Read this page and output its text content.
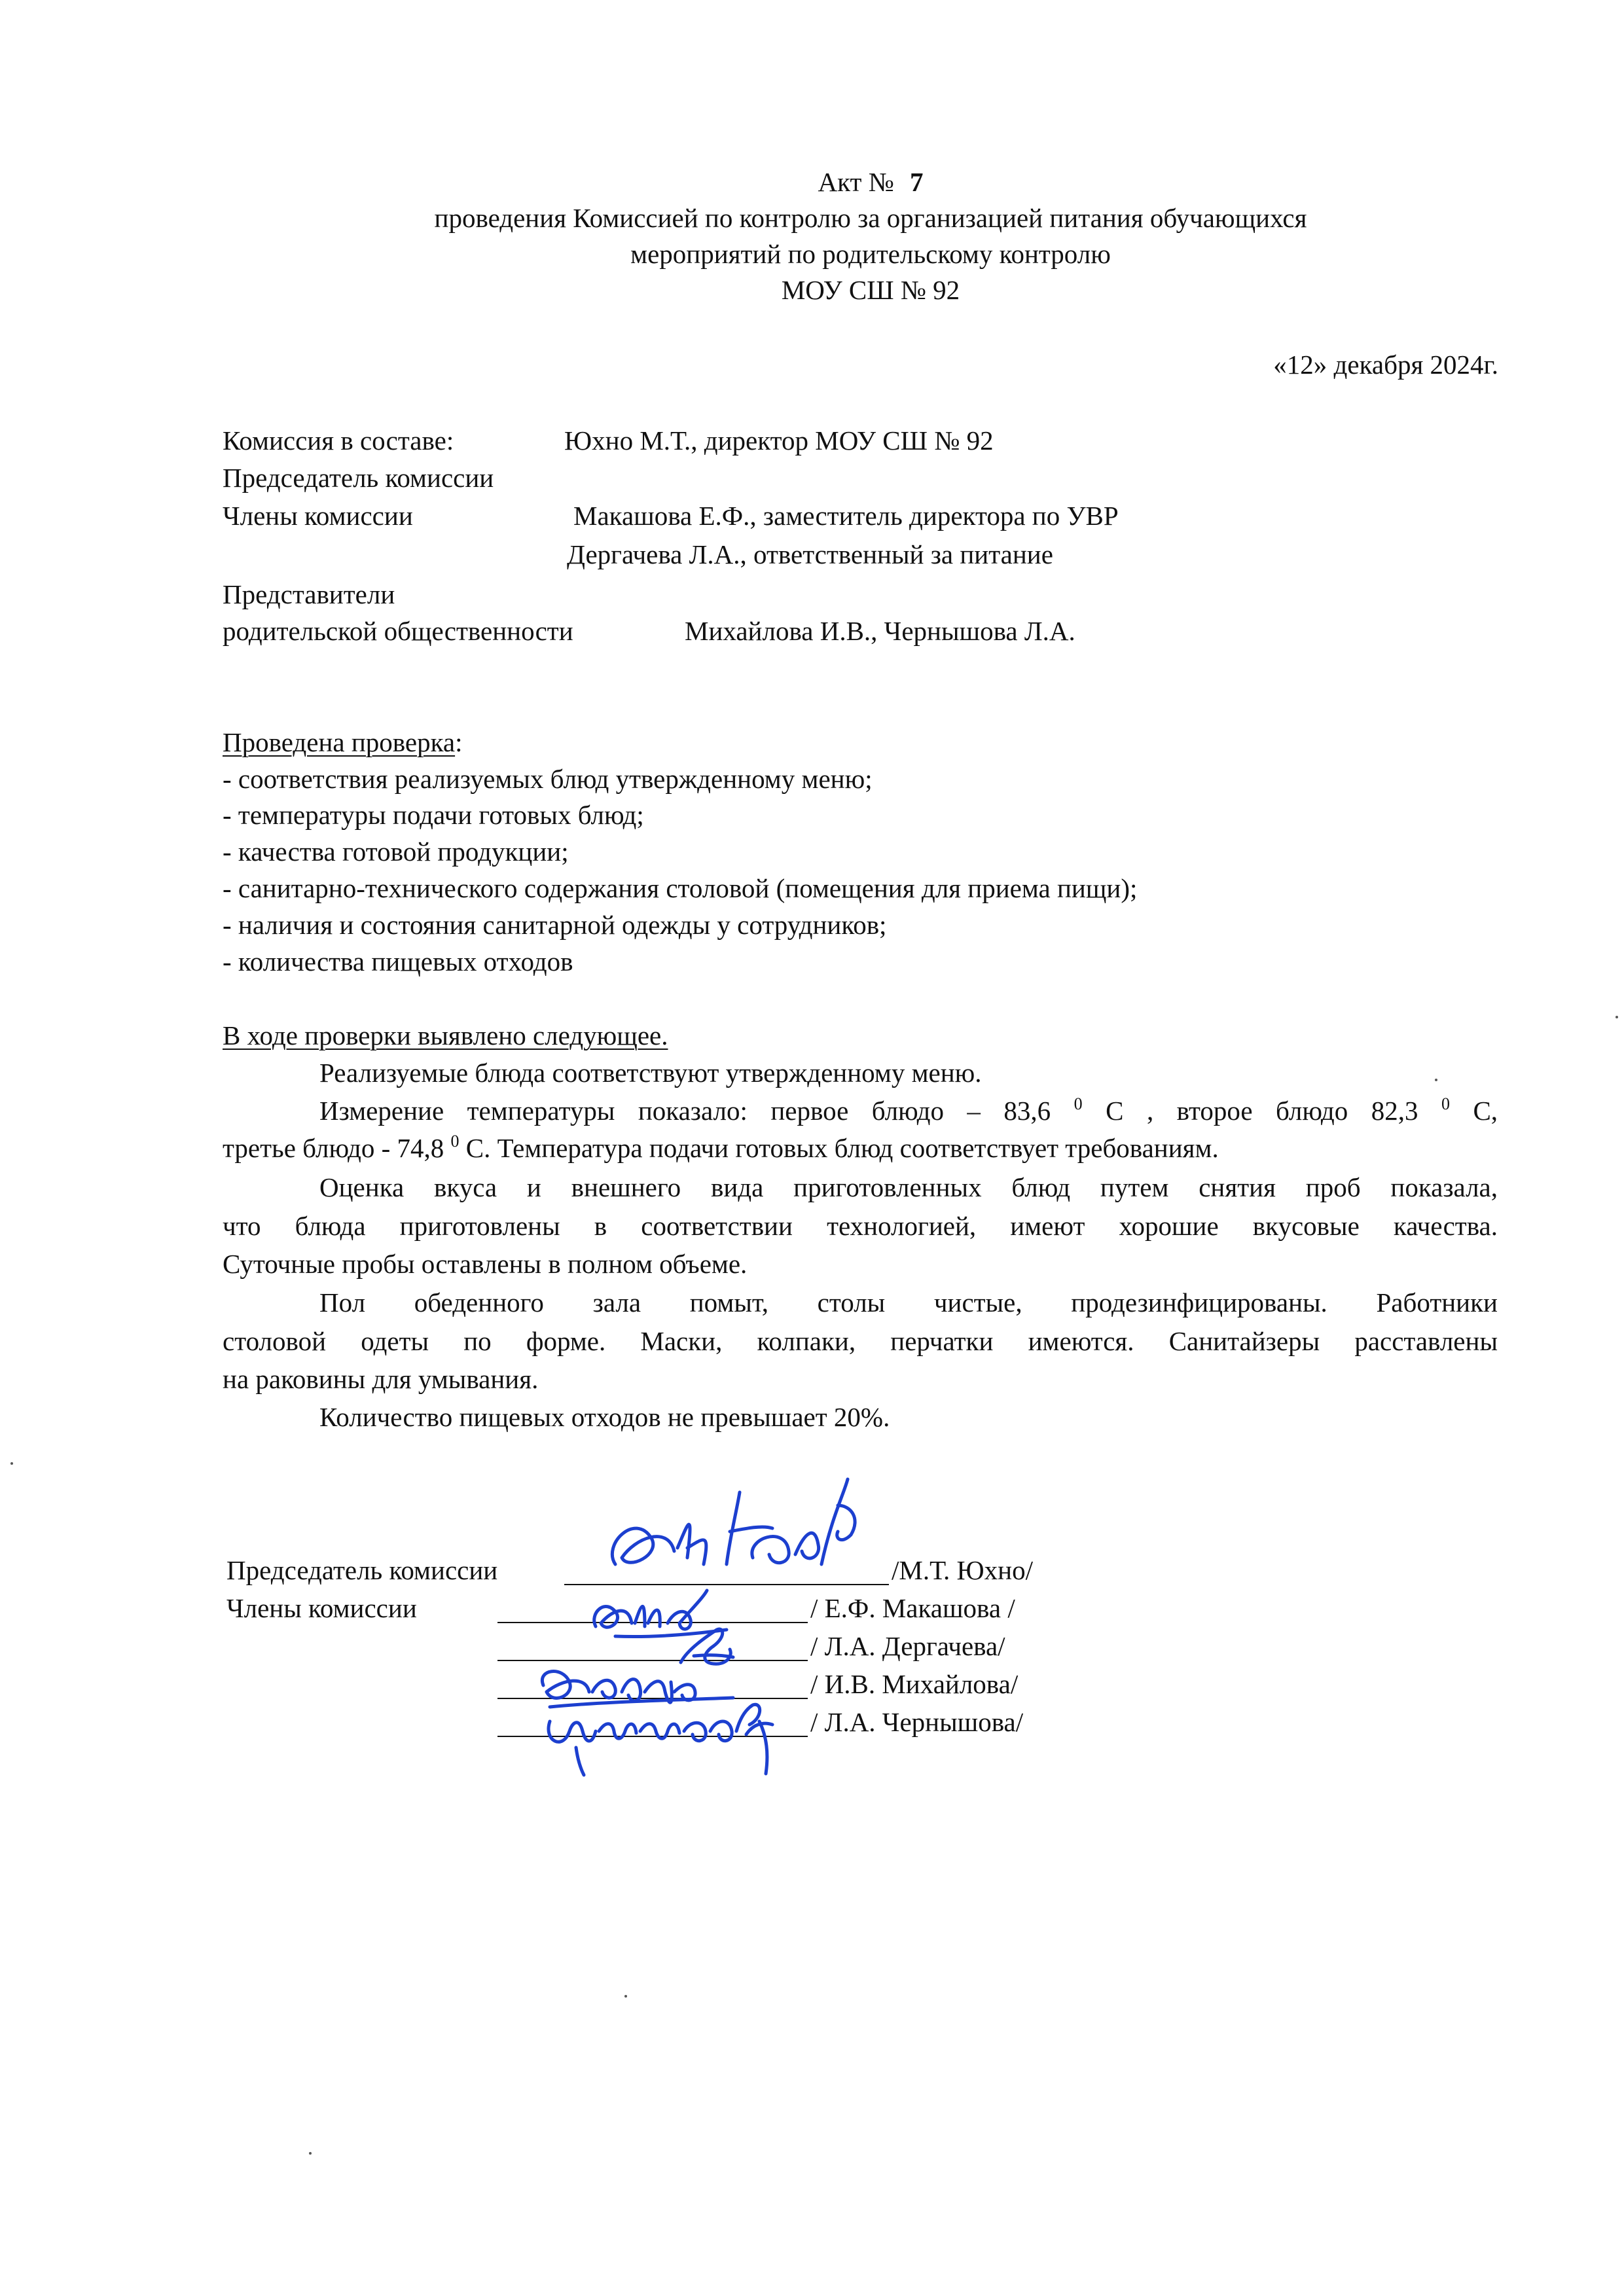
Акт № 7
проведения Комиссией по контролю за организацией питания обучающихся
мероприятий по родительскому контролю
МОУ СШ № 92
«12» декабря 2024г.
Комиссия в составе:	Юхно М.Т., директор МОУ СШ № 92
Председатель комиссии
Члены комиссии	Макашова Е.Ф., заместитель директора по УВР
Дергачева Л.А., ответственный за питание
Представители
родительской общественности	Михайлова И.В., Чернышова Л.А.
Проведена проверка:
- соответствия реализуемых блюд утвержденному меню;
- температуры подачи готовых блюд;
- качества готовой продукции;
- санитарно-технического содержания столовой (помещения для приема пищи);
- наличия и состояния санитарной одежды у сотрудников;
- количества пищевых отходов
В ходе проверки выявлено следующее.
Реализуемые блюда соответствуют утвержденному меню.
Измерение температуры показало: первое блюдо – 83,6 $^0$ С , второе блюдо 82,3 $^0$ С,
третье блюдо - 74,8 $^0$ С. Температура подачи готовых блюд соответствует требованиям.
Оценка вкуса и внешнего вида приготовленных блюд путем снятия проб показала,
что блюда приготовлены в соответствии технологией, имеют хорошие вкусовые качества.
Суточные пробы оставлены в полном объеме.
Пол обеденного зала помыт, столы чистые, продезинфицированы. Работники
столовой одеты по форме. Маски, колпаки, перчатки имеются. Санитайзеры расставлены
на раковины для умывания.
Количество пищевых отходов не превышает 20%.
Председатель комиссии	/М.Т. Юхно/
Члены комиссии	/ Е.Ф. Макашова /
/ Л.А. Дергачева/
/ И.В. Михайлова/
/ Л.А. Чернышова/
